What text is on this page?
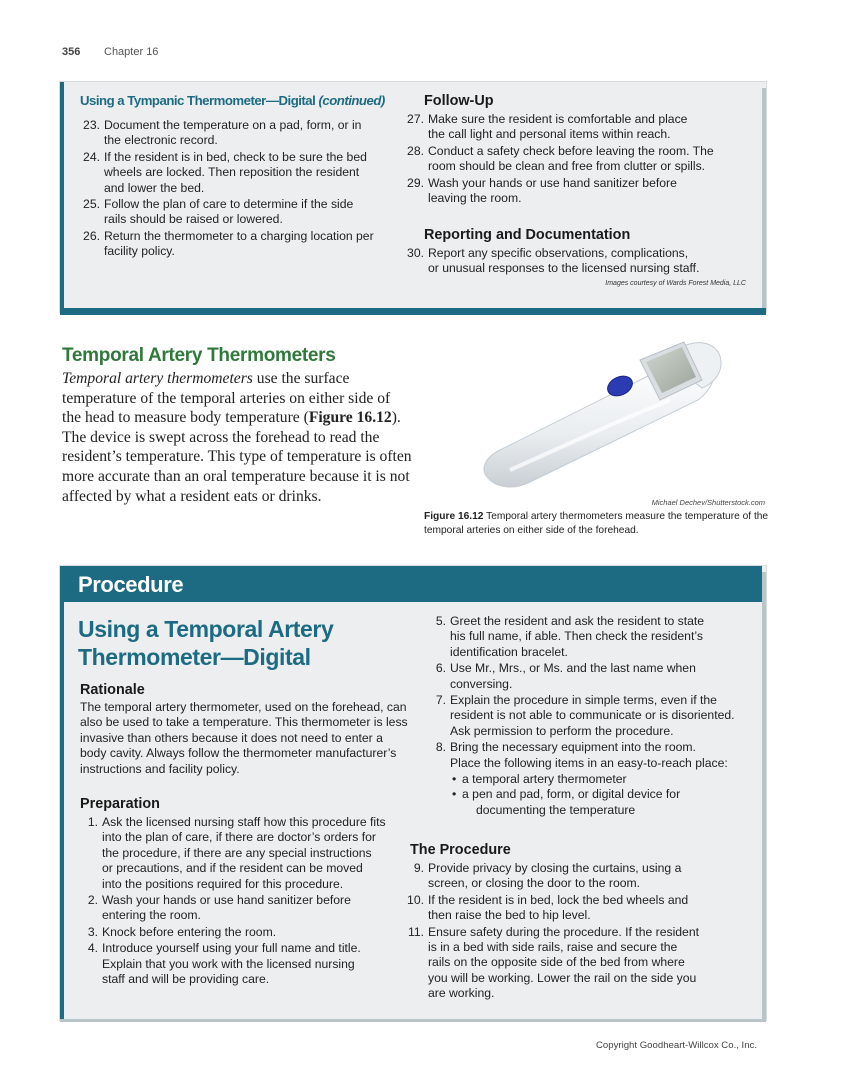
356 Chapter 16
Using a Tympanic Thermometer—Digital (continued)
23. Document the temperature on a pad, form, or in
the electronic record.
24. If the resident is in bed, check to be sure the bed
wheels are locked. Then reposition the resident
and lower the bed.
25. Follow the plan of care to determine if the side
rails should be raised or lowered.
26. Return the thermometer to a charging location per
facility policy.
Follow-Up
27. Make sure the resident is comfortable and place
the call light and personal items within reach.
28. Conduct a safety check before leaving the room. The
room should be clean and free from clutter or spills.
29. Wash your hands or use hand sanitizer before
leaving the room.
Reporting and Documentation
30. Report any specific observations, complications,
or unusual responses to the licensed nursing staff.
Images courtesy of Wards Forest Media, LLC
Temporal Artery Thermometers
Temporal artery thermometers use the surface temperature of the temporal arteries on either side of the head to measure body temperature (Figure 16.12). The device is swept across the forehead to read the resident’s temperature. This type of temperature is often more accurate than an oral temperature because it is not affected by what a resident eats or drinks.	Michael Dechev/Shutterstock.com
Figure 16.12 Temporal artery thermometers measure the temperature of the temporal arteries on either side of the forehead.
Procedure
Using a Temporal Artery
Thermometer—Digital
Rationale
The temporal artery thermometer, used on the forehead, can also be used to take a temperature. This thermometer is less invasive than others because it does not need to enter a body cavity. Always follow the thermometer manufacturer’s instructions and facility policy.
Preparation
1. Ask the licensed nursing staff how this procedure fits
into the plan of care, if there are doctor’s orders for
the procedure, if there are any special instructions
or precautions, and if the resident can be moved
into the positions required for this procedure.
2. Wash your hands or use hand sanitizer before
entering the room.
3. Knock before entering the room.
4. Introduce yourself using your full name and title.
Explain that you work with the licensed nursing
staff and will be providing care.
5. Greet the resident and ask the resident to state
his full name, if able. Then check the resident’s
identification bracelet.
6. Use Mr., Mrs., or Ms. and the last name when
conversing.
7. Explain the procedure in simple terms, even if the
resident is not able to communicate or is disoriented.
Ask permission to perform the procedure.
8. Bring the necessary equipment into the room.
Place the following items in an easy-to-reach place:
• a temporal artery thermometer
• a pen and pad, form, or digital device for
documenting the temperature
The Procedure
9. Provide privacy by closing the curtains, using a
screen, or closing the door to the room.
10. If the resident is in bed, lock the bed wheels and
then raise the bed to hip level.
11. Ensure safety during the procedure. If the resident
is in a bed with side rails, raise and secure the
rails on the opposite side of the bed from where
you will be working. Lower the rail on the side you
are working.
Copyright Goodheart-Willcox Co., Inc.
